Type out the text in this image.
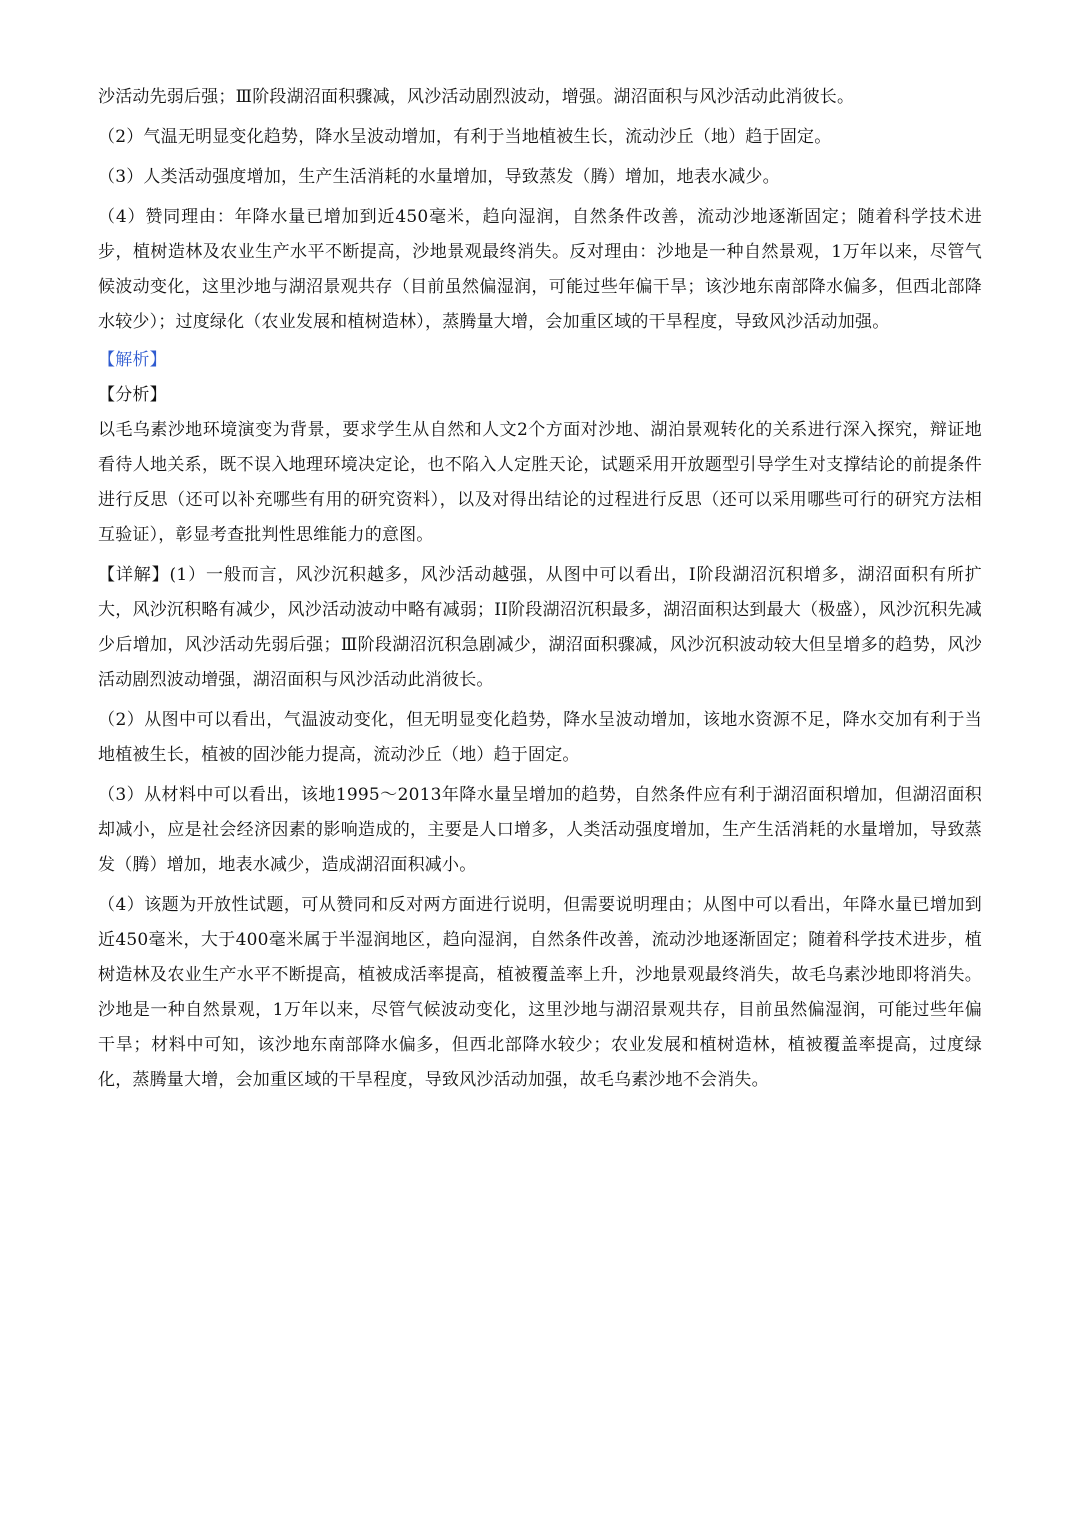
沙活动先弱后强；Ⅲ阶段湖沼面积骤减，风沙活动剧烈波动，增强。湖沼面积与风沙活动此消彼长。

（2）气温无明显变化趋势，降水呈波动增加，有利于当地植被生长，流动沙丘（地）趋于固定。

（3）人类活动强度增加，生产生活消耗的水量增加，导致蒸发（腾）增加，地表水减少。

（4）赞同理由：年降水量已增加到近450毫米，趋向湿润，自然条件改善，流动沙地逐渐固定；随着科学技术进步，植树造林及农业生产水平不断提高，沙地景观最终消失。反对理由：沙地是一种自然景观，1万年以来，尽管气候波动变化，这里沙地与湖沼景观共存（目前虽然偏湿润，可能过些年偏干旱；该沙地东南部降水偏多，但西北部降水较少）；过度绿化（农业发展和植树造林），蒸腾量大增，会加重区域的干旱程度，导致风沙活动加强。

【解析】

【分析】

以毛乌素沙地环境演变为背景，要求学生从自然和人文2个方面对沙地、湖泊景观转化的关系进行深入探究，辩证地看待人地关系，既不误入地理环境决定论，也不陷入人定胜天论，试题采用开放题型引导学生对支撑结论的前提条件进行反思（还可以补充哪些有用的研究资料），以及对得出结论的过程进行反思（还可以采用哪些可行的研究方法相互验证），彰显考查批判性思维能力的意图。

【详解】(1）一般而言，风沙沉积越多，风沙活动越强，从图中可以看出，I阶段湖沼沉积增多，湖沼面积有所扩大，风沙沉积略有减少，风沙活动波动中略有减弱；II阶段湖沼沉积最多，湖沼面积达到最大（极盛），风沙沉积先减少后增加，风沙活动先弱后强；Ⅲ阶段湖沼沉积急剧减少，湖沼面积骤减，风沙沉积波动较大但呈增多的趋势，风沙活动剧烈波动增强，湖沼面积与风沙活动此消彼长。

（2）从图中可以看出，气温波动变化，但无明显变化趋势，降水呈波动增加，该地水资源不足，降水交加有利于当地植被生长，植被的固沙能力提高，流动沙丘（地）趋于固定。

（3）从材料中可以看出，该地1995～2013年降水量呈增加的趋势，自然条件应有利于湖沼面积增加，但湖沼面积却减小，应是社会经济因素的影响造成的，主要是人口增多，人类活动强度增加，生产生活消耗的水量增加，导致蒸发（腾）增加，地表水减少，造成湖沼面积减小。

（4）该题为开放性试题，可从赞同和反对两方面进行说明，但需要说明理由；从图中可以看出，年降水量已增加到近450毫米，大于400毫米属于半湿润地区，趋向湿润，自然条件改善，流动沙地逐渐固定；随着科学技术进步，植树造林及农业生产水平不断提高，植被成活率提高，植被覆盖率上升，沙地景观最终消失，故毛乌素沙地即将消失。沙地是一种自然景观，1万年以来，尽管气候波动变化，这里沙地与湖沼景观共存，目前虽然偏湿润，可能过些年偏干旱；材料中可知，该沙地东南部降水偏多，但西北部降水较少；农业发展和植树造林，植被覆盖率提高，过度绿化，蒸腾量大增，会加重区域的干旱程度，导致风沙活动加强，故毛乌素沙地不会消失。
